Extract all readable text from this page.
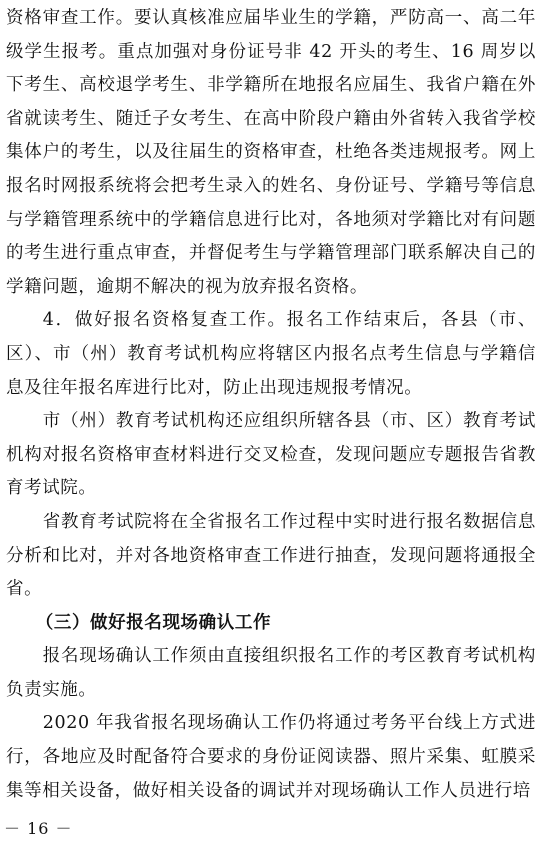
资格审查工作。要认真核准应届毕业生的学籍，严防高一、高二年级学生报考。重点加强对身份证号非 42 开头的考生、16 周岁以下考生、高校退学考生、非学籍所在地报名应届生、我省户籍在外省就读考生、随迁子女考生、在高中阶段户籍由外省转入我省学校集体户的考生，以及往届生的资格审查，杜绝各类违规报考。网上报名时网报系统将会把考生录入的姓名、身份证号、学籍号等信息与学籍管理系统中的学籍信息进行比对，各地须对学籍比对有问题的考生进行重点审查，并督促考生与学籍管理部门联系解决自己的学籍问题，逾期不解决的视为放弃报名资格。

4．做好报名资格复查工作。报名工作结束后，各县（市、区）、市（州）教育考试机构应将辖区内报名点考生信息与学籍信息及往年报名库进行比对，防止出现违规报考情况。

市（州）教育考试机构还应组织所辖各县（市、区）教育考试机构对报名资格审查材料进行交叉检查，发现问题应专题报告省教育考试院。

省教育考试院将在全省报名工作过程中实时进行报名数据信息分析和比对，并对各地资格审查工作进行抽查，发现问题将通报全省。

（三）做好报名现场确认工作

报名现场确认工作须由直接组织报名工作的考区教育考试机构负责实施。

2020 年我省报名现场确认工作仍将通过考务平台线上方式进行，各地应及时配备符合要求的身份证阅读器、照片采集、虹膜采集等相关设备，做好相关设备的调试并对现场确认工作人员进行培

－ 16 －
